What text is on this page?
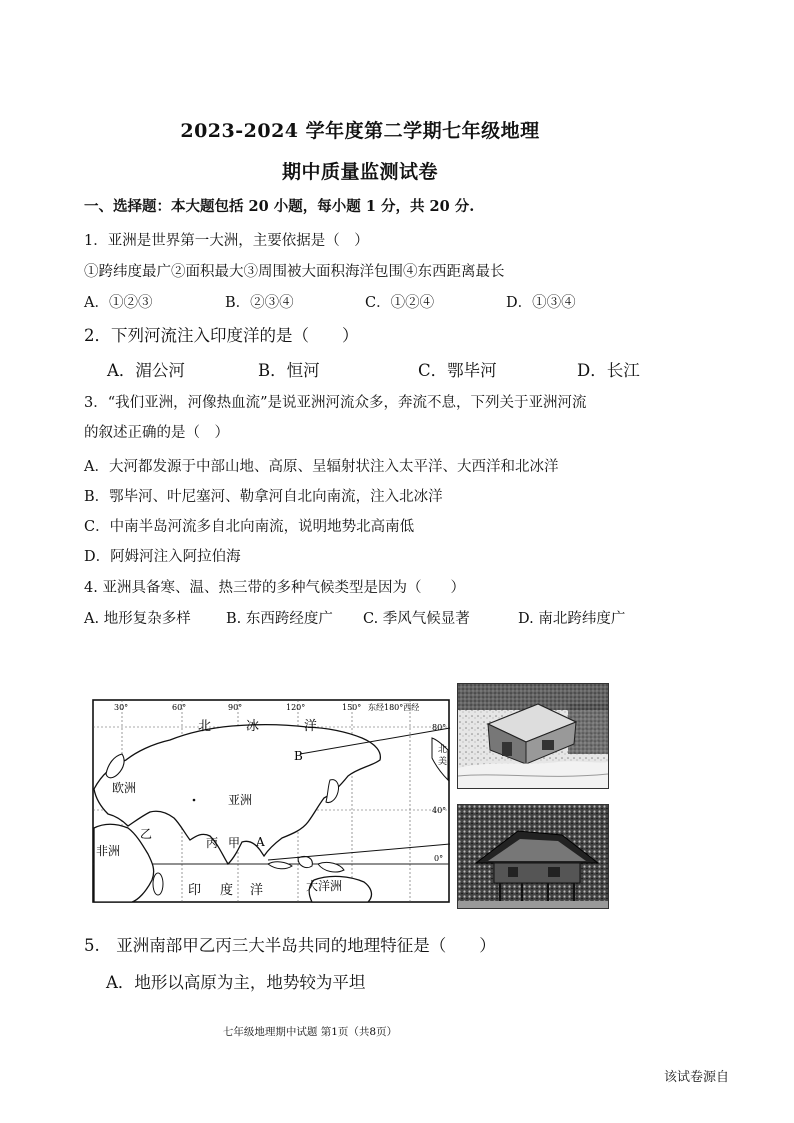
2023-2024 学年度第二学期七年级地理
期中质量监测试卷
一、选择题：本大题包括 20 小题，每小题 1 分，共 20 分.
1．亚洲是世界第一大洲，主要依据是（　）
①跨纬度最广②面积最大③周围被大面积海洋包围④东西距离最长
A．①②③	B．②③④	C．①②④	D．①③④
2．下列河流注入印度洋的是（　　）
A．湄公河	B．恒河	C．鄂毕河	D．长江
3．“我们亚洲，河像热血流”是说亚洲河流众多，奔流不息，下列关于亚洲河流
的叙述正确的是（　）
A．大河都发源于中部山地、高原、呈辐射状注入太平洋、大西洋和北冰洋
B．鄂毕河、叶尼塞河、勒拿河自北向南流，注入北冰洋
C．中南半岛河流多自北向南流，说明地势北高南低
D．阿姆河注入阿拉伯海
4. 亚洲具备寒、温、热三带的多种气候类型是因为（　　）
A. 地形复杂多样 B. 东西跨经度广 C. 季风气候显著	D. 南北跨纬度广
30°	60°	90°	120°	150° 东经180°西经
80°
40°
0°
北	冰	洋
B
欧洲
亚洲
非洲
乙
丙 甲 A
印 度 洋	大洋洲
北
美
5.　亚洲南部甲乙丙三大半岛共同的地理特征是（　　）
A．地形以高原为主，地势较为平坦
七年级地理期中试题 第1页（共8页）
该试卷源自
